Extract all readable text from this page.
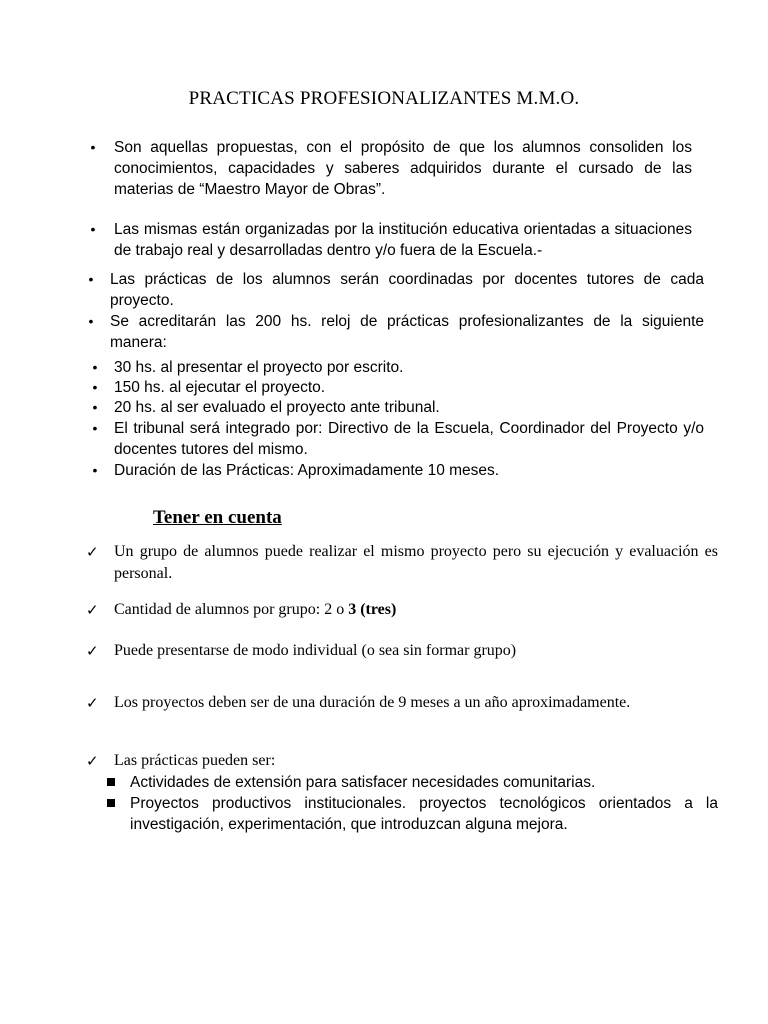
PRACTICAS PROFESIONALIZANTES M.M.O.
• Son aquellas propuestas, con el propósito de que los alumnos consoliden los conocimientos, capacidades y saberes adquiridos durante el cursado de las materias de “Maestro Mayor de Obras”.
• Las mismas están organizadas por la institución educativa orientadas a situaciones de trabajo real y desarrolladas dentro y/o fuera de la Escuela.-
• Las prácticas de los alumnos serán coordinadas por docentes tutores de cada proyecto.
• Se acreditarán las 200 hs. reloj de prácticas profesionalizantes de la siguiente manera:
• 30 hs. al presentar el proyecto por escrito.
• 150 hs. al ejecutar el proyecto.
• 20 hs. al ser evaluado el proyecto ante tribunal.
• El tribunal será integrado por: Directivo de la Escuela, Coordinador del Proyecto y/o docentes tutores del mismo.
• Duración de las Prácticas: Aproximadamente 10 meses.
Tener en cuenta
✓ Un grupo de alumnos puede realizar el mismo proyecto pero su ejecución y evaluación es personal.
✓ Cantidad de alumnos por grupo: 2 o 3 (tres)
✓ Puede presentarse de modo individual (o sea sin formar grupo)
✓ Los proyectos deben ser de una duración de 9 meses a un año aproximadamente.
✓ Las prácticas pueden ser:
Actividades de extensión para satisfacer necesidades comunitarias.
Proyectos productivos institucionales. proyectos tecnológicos orientados a la investigación, experimentación, que introduzcan alguna mejora.
